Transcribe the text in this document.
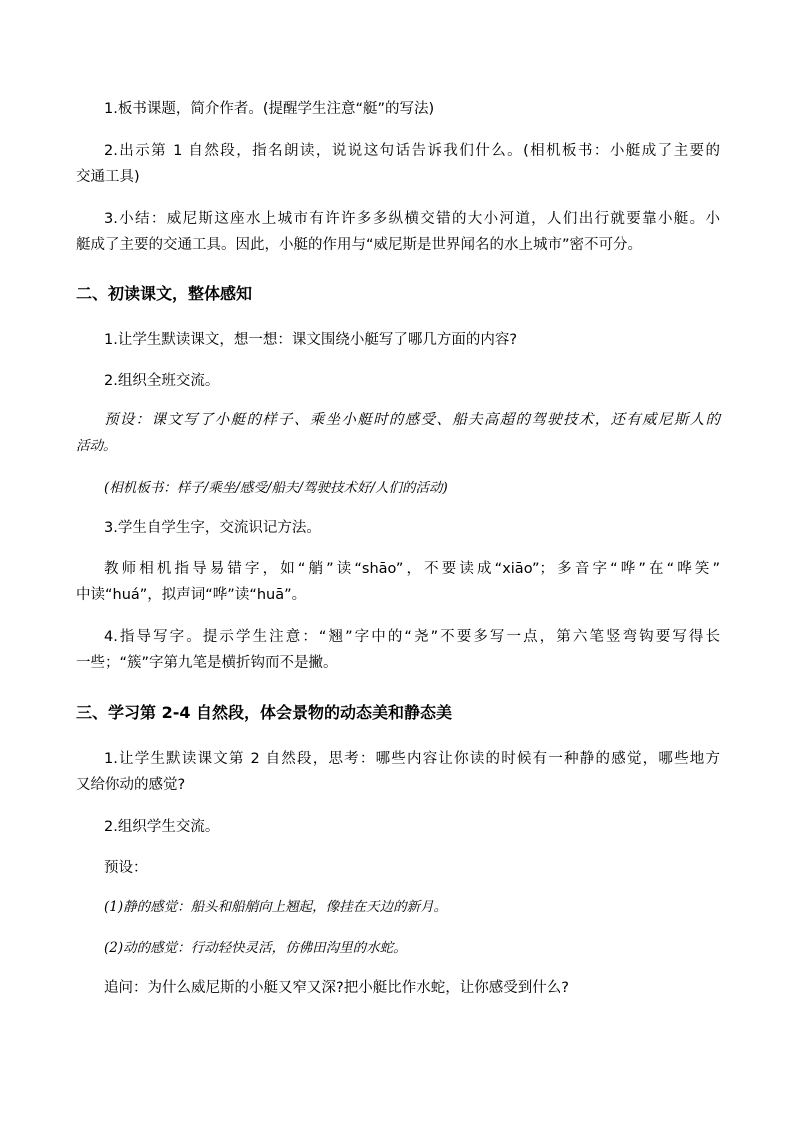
1.板书课题，简介作者。(提醒学生注意“艇”的写法)
2.出示第 1 自然段，指名朗读，说说这句话告诉我们什么。(相机板书：小艇成了主要的
交通工具)
3.小结：威尼斯这座水上城市有许许多多纵横交错的大小河道，人们出行就要靠小艇。小
艇成了主要的交通工具。因此，小艇的作用与“威尼斯是世界闻名的水上城市”密不可分。
二、初读课文，整体感知
1.让学生默读课文，想一想：课文围绕小艇写了哪几方面的内容?
2.组织全班交流。
预设：课文写了小艇的样子、乘坐小艇时的感受、船夫高超的驾驶技术，还有威尼斯人的
活动。
(相机板书：样子/乘坐/感受/船夫/驾驶技术好/人们的活动)
3.学生自学生字，交流识记方法。
教师相机指导易错字，如“艄”读“shāo”，不要读成“xiāo”；多音字“哗”在“哗笑”
中读“huá”，拟声词“哗”读“huā”。
4.指导写字。提示学生注意：“翘”字中的“尧”不要多写一点，第六笔竖弯钩要写得长
一些；“簇”字第九笔是横折钩而不是撇。
三、学习第 2-4 自然段，体会景物的动态美和静态美
1.让学生默读课文第 2 自然段，思考：哪些内容让你读的时候有一种静的感觉，哪些地方
又给你动的感觉?
2.组织学生交流。
预设：
(1)静的感觉：船头和船艄向上翘起，像挂在天边的新月。
(2)动的感觉：行动轻快灵活，仿佛田沟里的水蛇。
追问：为什么威尼斯的小艇又窄又深?把小艇比作水蛇，让你感受到什么?
